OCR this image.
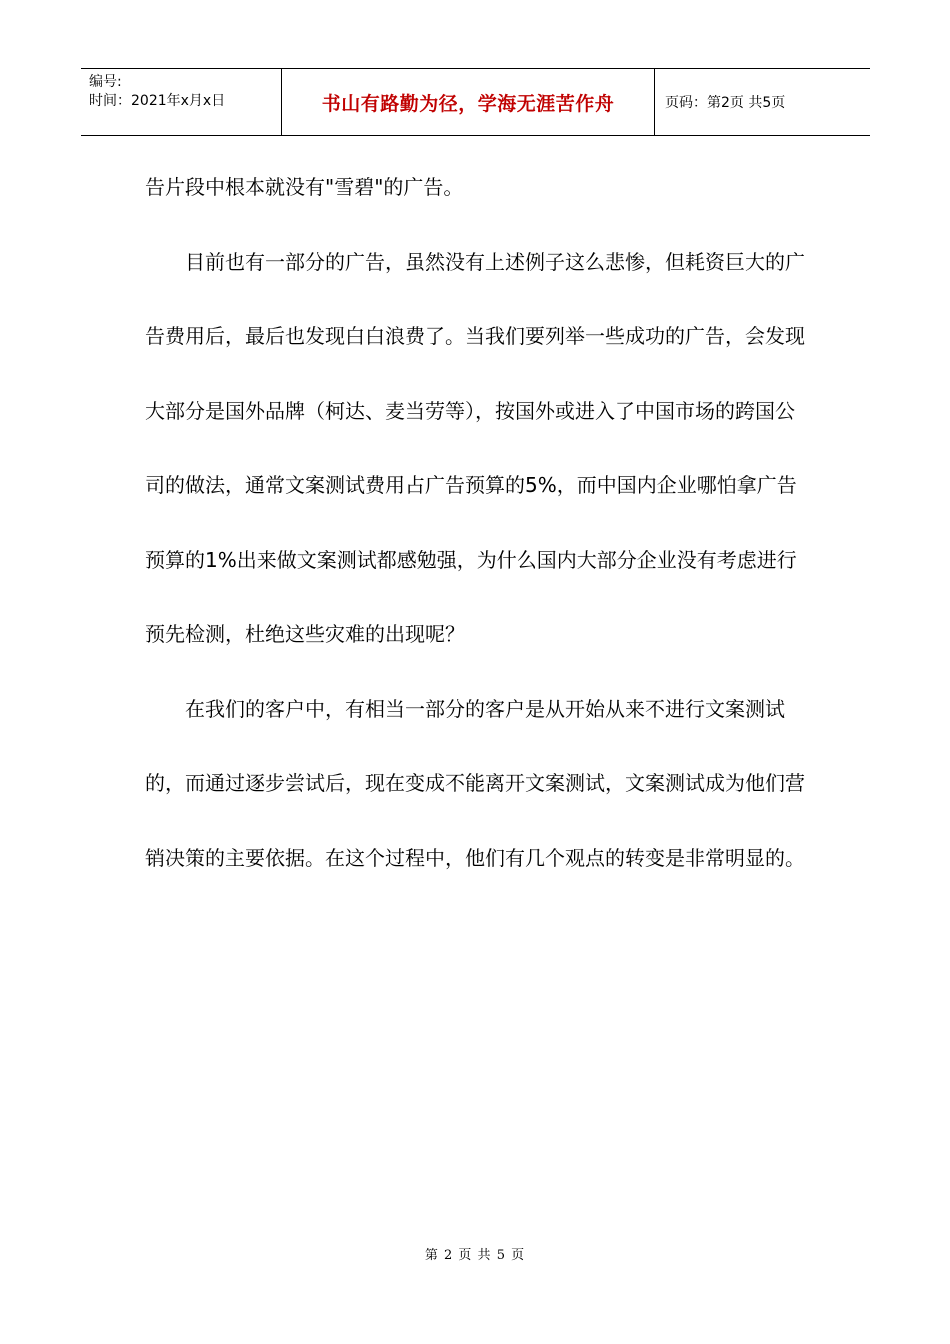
编号:
时间：2021年x月x日	书山有路勤为径，学海无涯苦作舟	页码：第2页 共5页

告片段中根本就没有"雪碧"的广告。

目前也有一部分的广告，虽然没有上述例子这么悲惨，但耗资巨大的广告费用后，最后也发现白白浪费了。当我们要列举一些成功的广告，会发现大部分是国外品牌（柯达、麦当劳等），按国外或进入了中国市场的跨国公司的做法，通常文案测试费用占广告预算的5%，而中国内企业哪怕拿广告预算的1%出来做文案测试都感勉强，为什么国内大部分企业没有考虑进行预先检测，杜绝这些灾难的出现呢？

在我们的客户中，有相当一部分的客户是从开始从来不进行文案测试的，而通过逐步尝试后，现在变成不能离开文案测试，文案测试成为他们营销决策的主要依据。在这个过程中，他们有几个观点的转变是非常明显的。

第 2 页 共 5 页
